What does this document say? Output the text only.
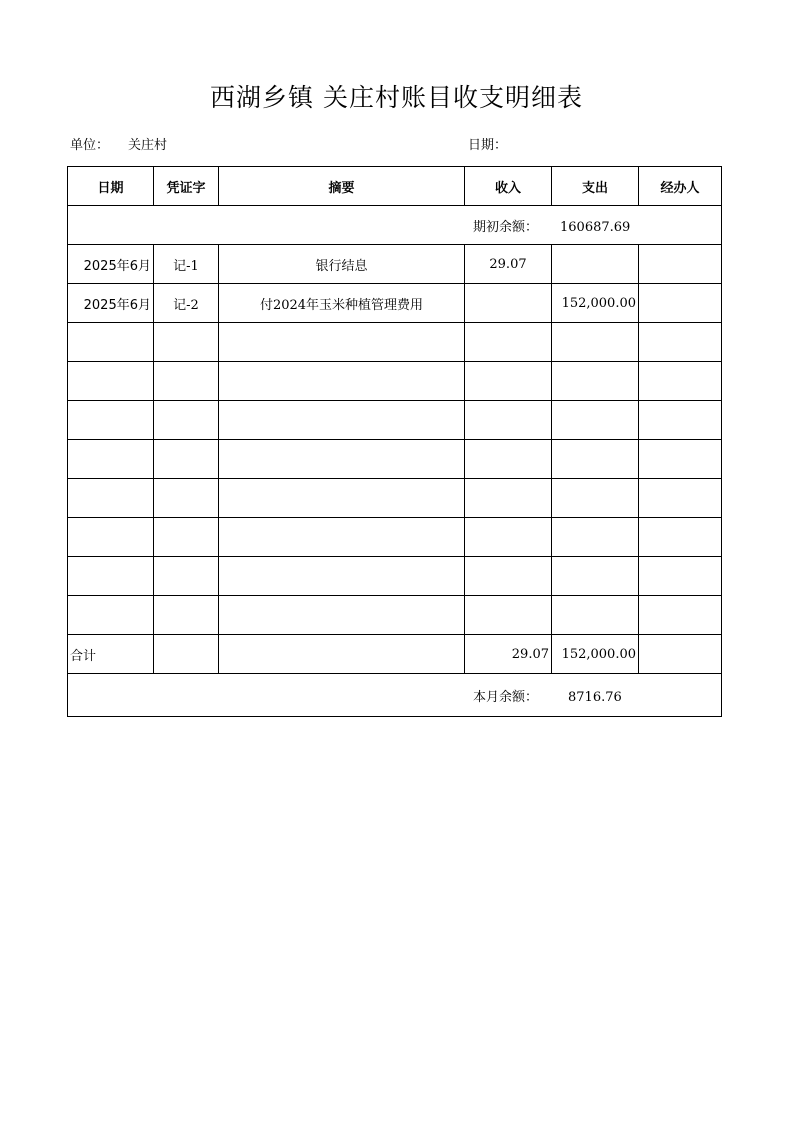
西湖乡镇 关庄村账目收支明细表
单位： 关庄村	日期：
日期	凭证字	摘要	收入	支出	经办人
期初余额： 160687.69					
2025年6月	记-1	银行结息	29.07		
2025年6月	记-2	付2024年玉米种植管理费用		152,000.00	

合计			29.07	152,000.00	
本月余额： 8716.76					
